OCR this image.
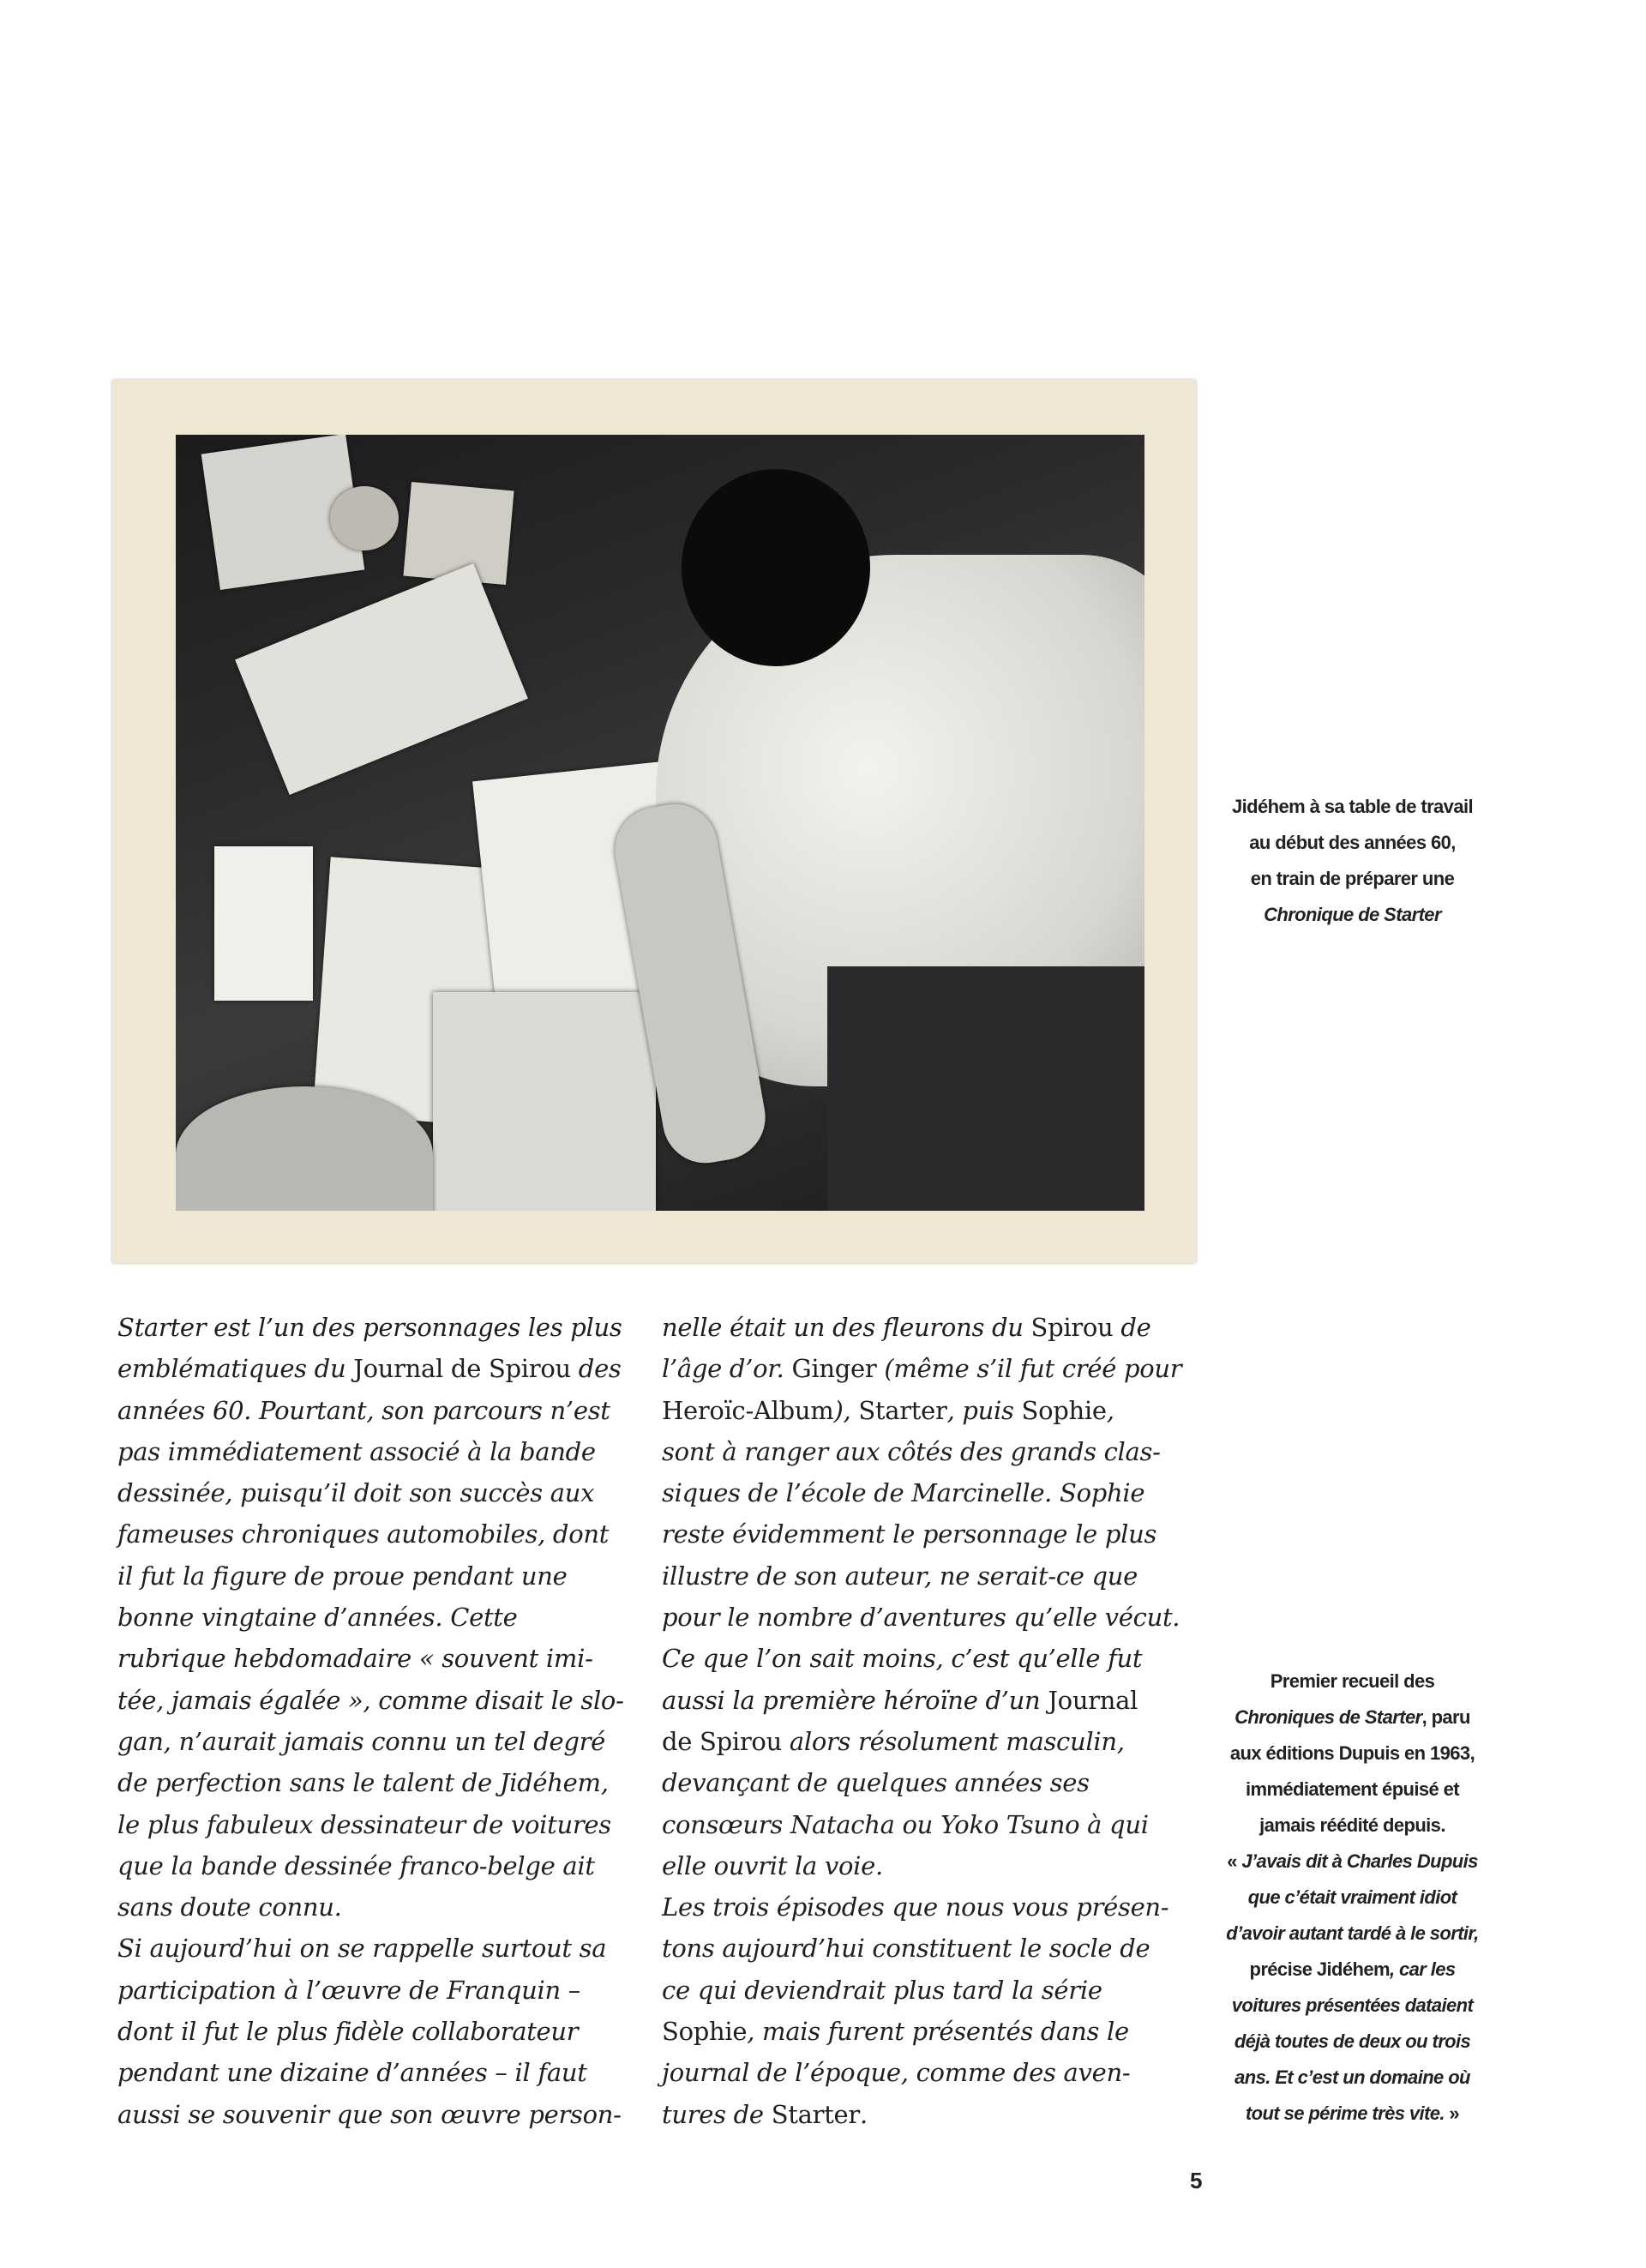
Starter est l’un des personnages les plus
emblématiques du Journal de Spirou des
années 60. Pourtant, son parcours n’est
pas immédiatement associé à la bande
dessinée, puisqu’il doit son succès aux
fameuses chroniques automobiles, dont
il fut la figure de proue pendant une
bonne vingtaine d’années. Cette
rubrique hebdomadaire « souvent imi-
tée, jamais égalée », comme disait le slo-
gan, n’aurait jamais connu un tel degré
de perfection sans le talent de Jidéhem,
le plus fabuleux dessinateur de voitures
que la bande dessinée franco-belge ait
sans doute connu.
Si aujourd’hui on se rappelle surtout sa
participation à l’œuvre de Franquin –
dont il fut le plus fidèle collaborateur
pendant une dizaine d’années – il faut
aussi se souvenir que son œuvre person-
nelle était un des fleurons du Spirou de
l’âge d’or. Ginger (même s’il fut créé pour
Heroïc-Album), Starter, puis Sophie,
sont à ranger aux côtés des grands clas-
siques de l’école de Marcinelle. Sophie
reste évidemment le personnage le plus
illustre de son auteur, ne serait-ce que
pour le nombre d’aventures qu’elle vécut.
Ce que l’on sait moins, c’est qu’elle fut
aussi la première héroïne d’un Journal
de Spirou alors résolument masculin,
devançant de quelques années ses
consœurs Natacha ou Yoko Tsuno à qui
elle ouvrit la voie.
Les trois épisodes que nous vous présen-
tons aujourd’hui constituent le socle de
ce qui deviendrait plus tard la série
Sophie, mais furent présentés dans le
journal de l’époque, comme des aven-
tures de Starter.
Jidéhem à sa table de travail
au début des années 60,
en train de préparer une
Chronique de Starter
Premier recueil des
Chroniques de Starter, paru
aux éditions Dupuis en 1963,
immédiatement épuisé et
jamais réédité depuis.
« J’avais dit à Charles Dupuis
que c’était vraiment idiot
d’avoir autant tardé à le sortir,
précise Jidéhem, car les
voitures présentées dataient
déjà toutes de deux ou trois
ans. Et c’est un domaine où
tout se périme très vite. »
5
